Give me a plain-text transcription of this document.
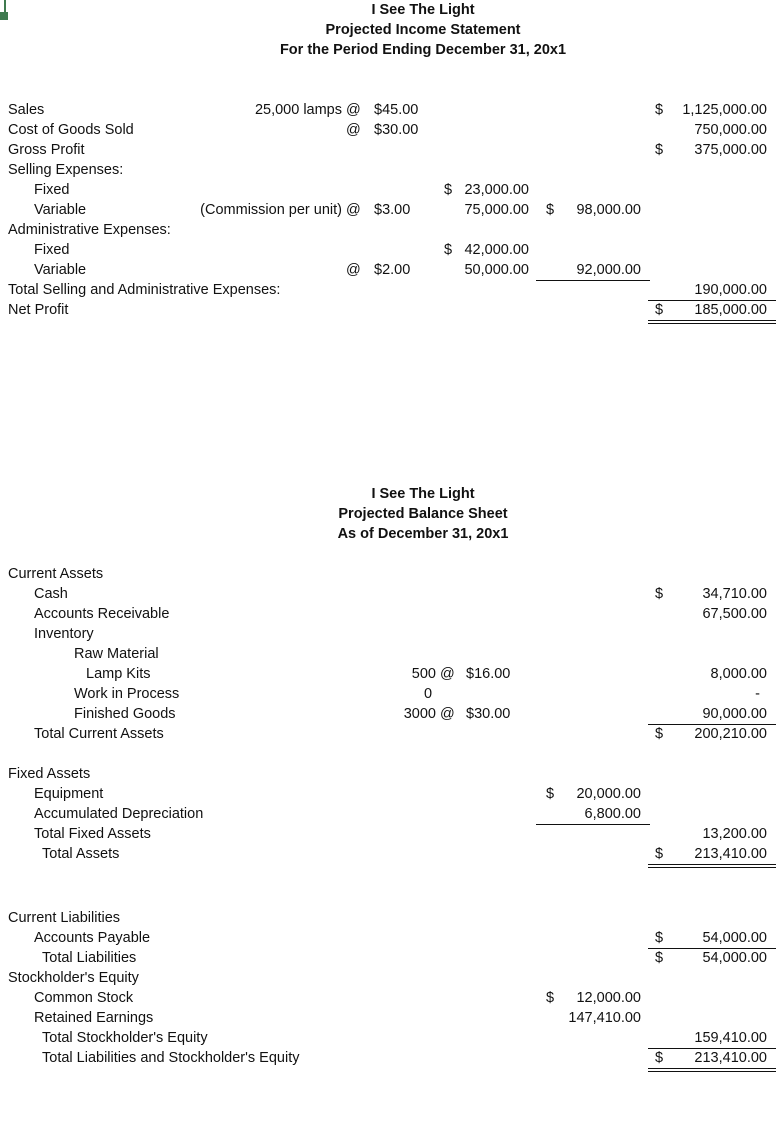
I See The Light
Projected Income Statement
For the Period Ending December 31, 20x1
Sales	25,000 lamps @ $45.00	$	1,125,000.00
Cost of Goods Sold	@ $30.00	750,000.00
Gross Profit	$	375,000.00
Selling Expenses:
Fixed	$ 23,000.00
Variable	(Commission per unit) @ $3.00	75,000.00 $	98,000.00
Administrative Expenses:
Fixed	$ 42,000.00
Variable	@ $2.00	50,000.00	92,000.00
Total Selling and Administrative Expenses:	190,000.00
Net Profit	$	185,000.00
I See The Light
Projected Balance Sheet
As of December 31, 20x1
Current Assets
Cash	$	34,710.00
Accounts Receivable	67,500.00
Inventory
Raw Material
Lamp Kits	500 @ $16.00	8,000.00
Work in Process	0	-
Finished Goods	3000 @ $30.00	90,000.00
Total Current Assets	$	200,210.00
Fixed Assets
Equipment	$	20,000.00
Accumulated Depreciation	6,800.00
Total Fixed Assets	13,200.00
Total Assets	$	213,410.00
Current Liabilities
Accounts Payable	$	54,000.00
Total Liabilities	$	54,000.00
Stockholder's Equity
Common Stock	$	12,000.00
Retained Earnings	147,410.00
Total Stockholder's Equity	159,410.00
Total Liabilities and Stockholder's Equity	$	213,410.00
